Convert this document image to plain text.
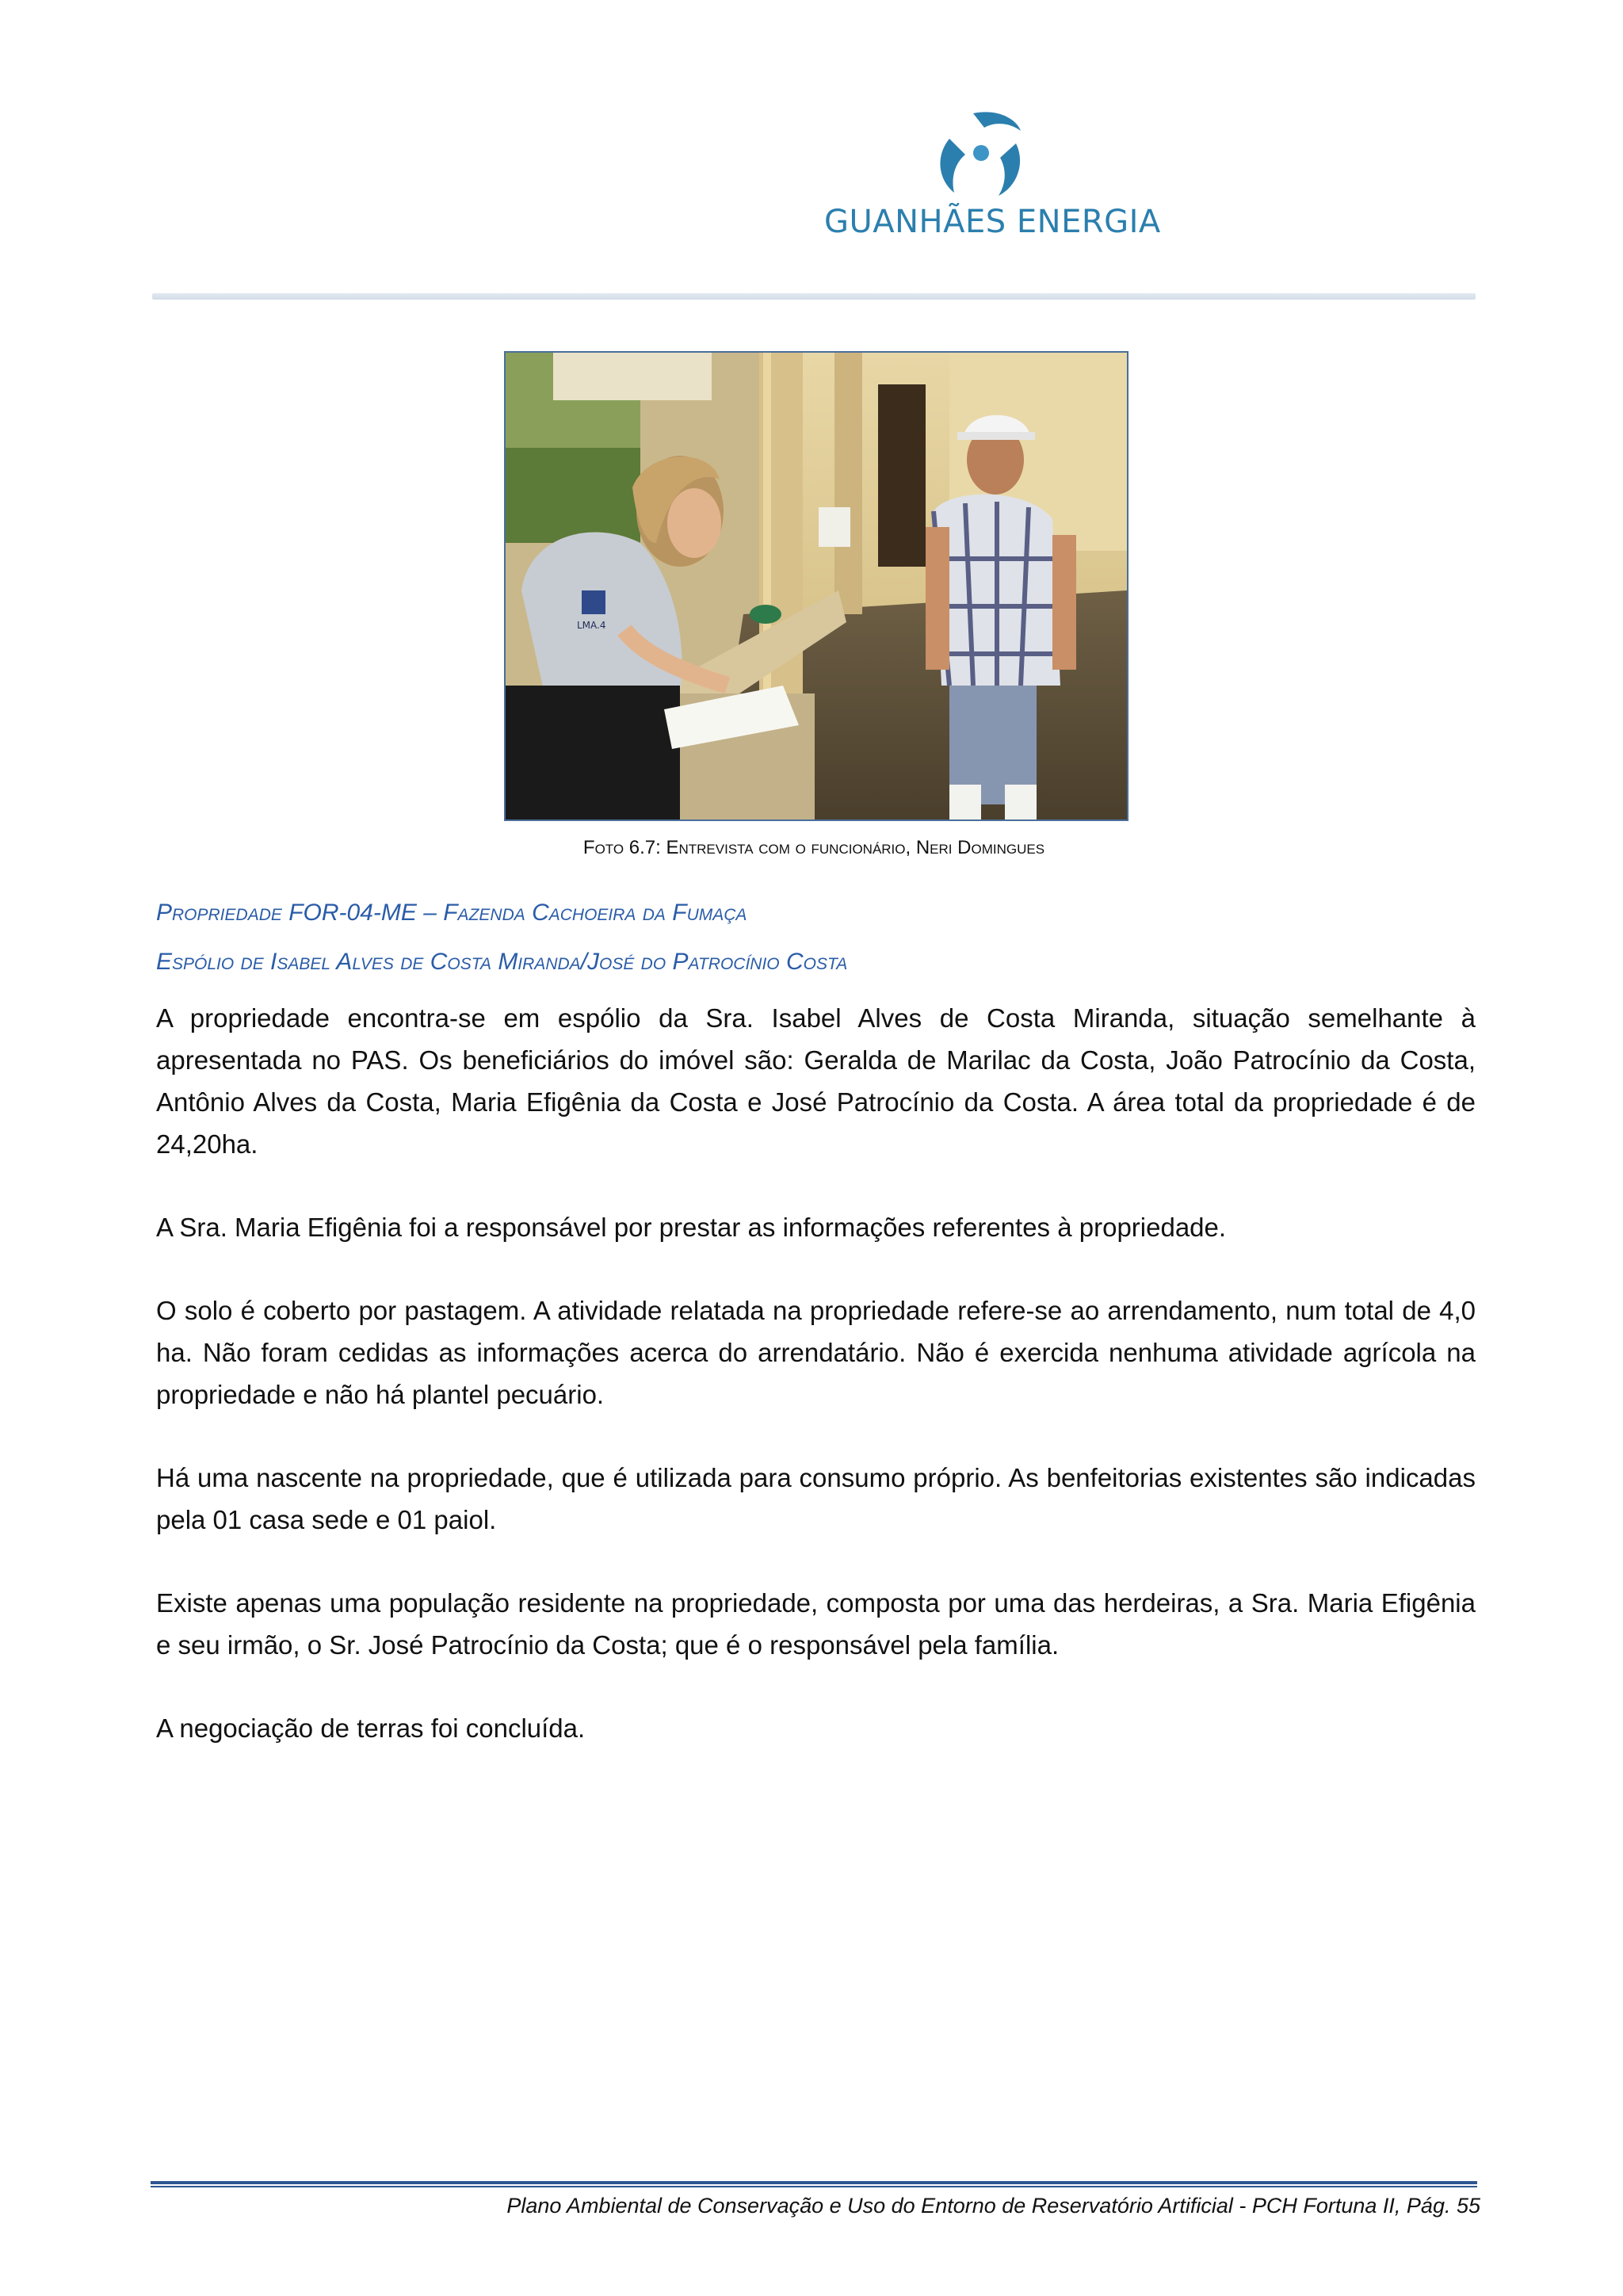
GUANHÃES ENERGIA
LMA.4
Foto 6.7: Entrevista com o funcionário, Neri Domingues
Propriedade FOR-04-ME – Fazenda Cachoeira da Fumaça
Espólio de Isabel Alves de Costa Miranda/José do Patrocínio Costa

A propriedade encontra-se em espólio da Sra. Isabel Alves de Costa Miranda, situação semelhante à apresentada no PAS. Os beneficiários do imóvel são: Geralda de Marilac da Costa, João Patrocínio da Costa, Antônio Alves da Costa, Maria Efigênia da Costa e José Patrocínio da Costa. A área total da propriedade é de 24,20ha.

A Sra. Maria Efigênia foi a responsável por prestar as informações referentes à propriedade.

O solo é coberto por pastagem. A atividade relatada na propriedade refere-se ao arrendamento, num total de 4,0 ha. Não foram cedidas as informações acerca do arrendatário. Não é exercida nenhuma atividade agrícola na propriedade e não há plantel pecuário.

Há uma nascente na propriedade, que é utilizada para consumo próprio. As benfeitorias existentes são indicadas pela 01 casa sede e 01 paiol.

Existe apenas uma população residente na propriedade, composta por uma das herdeiras, a Sra. Maria Efigênia e seu irmão, o Sr. José Patrocínio da Costa; que é o responsável pela família.

A negociação de terras foi concluída.

Plano Ambiental de Conservação e Uso do Entorno de Reservatório Artificial - PCH Fortuna II, Pág. 55
